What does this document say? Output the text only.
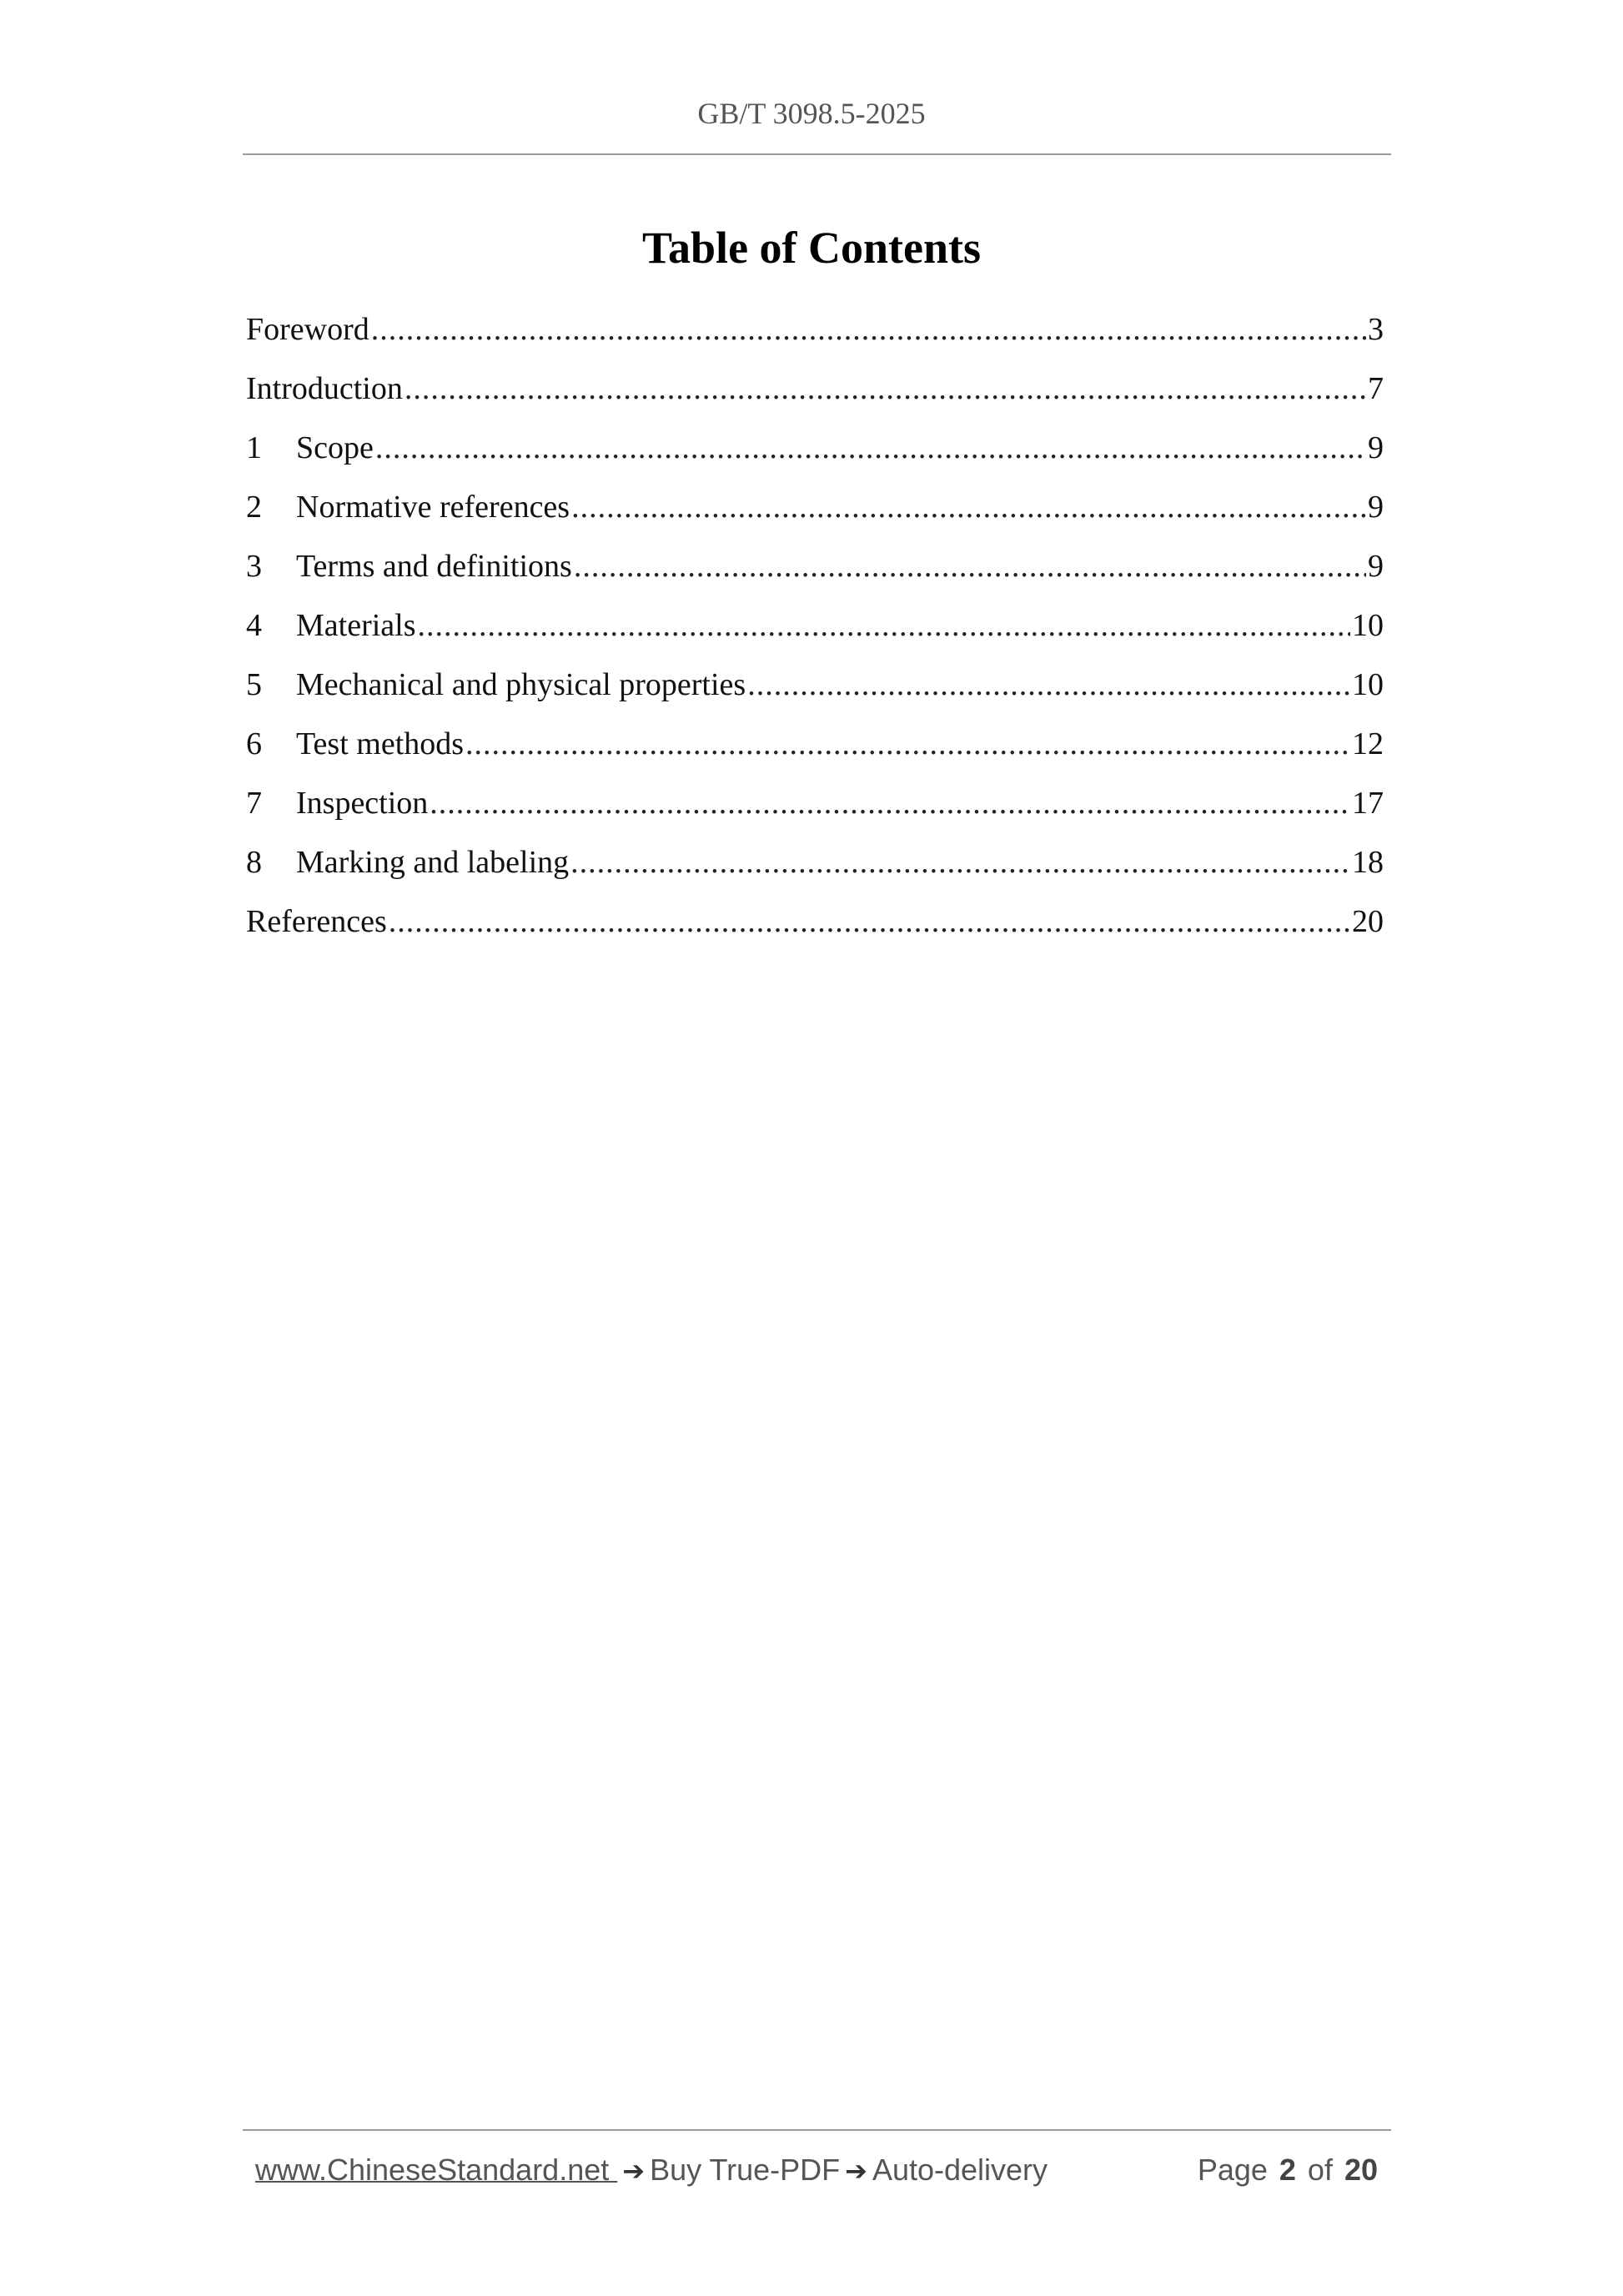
GB/T 3098.5-2025
Table of Contents
Foreword .....	3
Introduction .....	7
1	Scope .....	9
2	Normative references .....	9
3	Terms and definitions .....	9
4	Materials .....	10
5	Mechanical and physical properties .....	10
6	Test methods .....	12
7	Inspection .....	17
8	Marking and labeling .....	18
References .....	20
www.ChineseStandard.net ➔ Buy True-PDF ➔ Auto-delivery	Page 2 of 20
